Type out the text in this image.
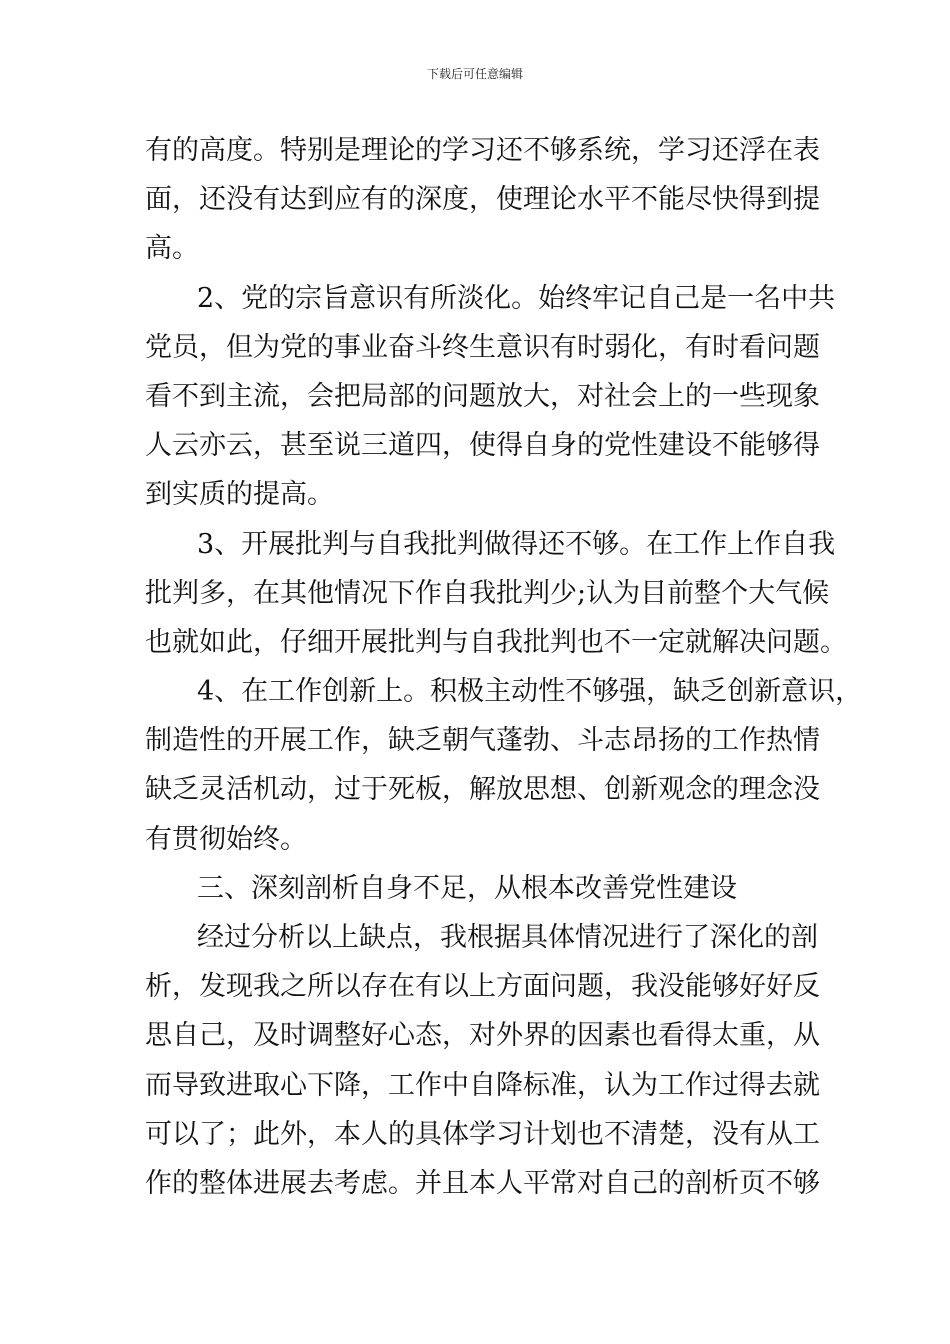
下载后可任意编辑
有的高度。特别是理论的学习还不够系统，学习还浮在表
面，还没有达到应有的深度，使理论水平不能尽快得到提
高。
2、党的宗旨意识有所淡化。始终牢记自己是一名中共
党员，但为党的事业奋斗终生意识有时弱化，有时看问题
看不到主流，会把局部的问题放大，对社会上的一些现象
人云亦云，甚至说三道四，使得自身的党性建设不能够得
到实质的提高。
3、开展批判与自我批判做得还不够。在工作上作自我
批判多，在其他情况下作自我批判少;认为目前整个大气候
也就如此，仔细开展批判与自我批判也不一定就解决问题。
4、在工作创新上。积极主动性不够强，缺乏创新意识，
制造性的开展工作，缺乏朝气蓬勃、斗志昂扬的工作热情
缺乏灵活机动，过于死板，解放思想、创新观念的理念没
有贯彻始终。
三、深刻剖析自身不足，从根本改善党性建设
经过分析以上缺点，我根据具体情况进行了深化的剖
析，发现我之所以存在有以上方面问题，我没能够好好反
思自己，及时调整好心态，对外界的因素也看得太重，从
而导致进取心下降，工作中自降标准，认为工作过得去就
可以了；此外，本人的具体学习计划也不清楚，没有从工
作的整体进展去考虑。并且本人平常对自己的剖析页不够
